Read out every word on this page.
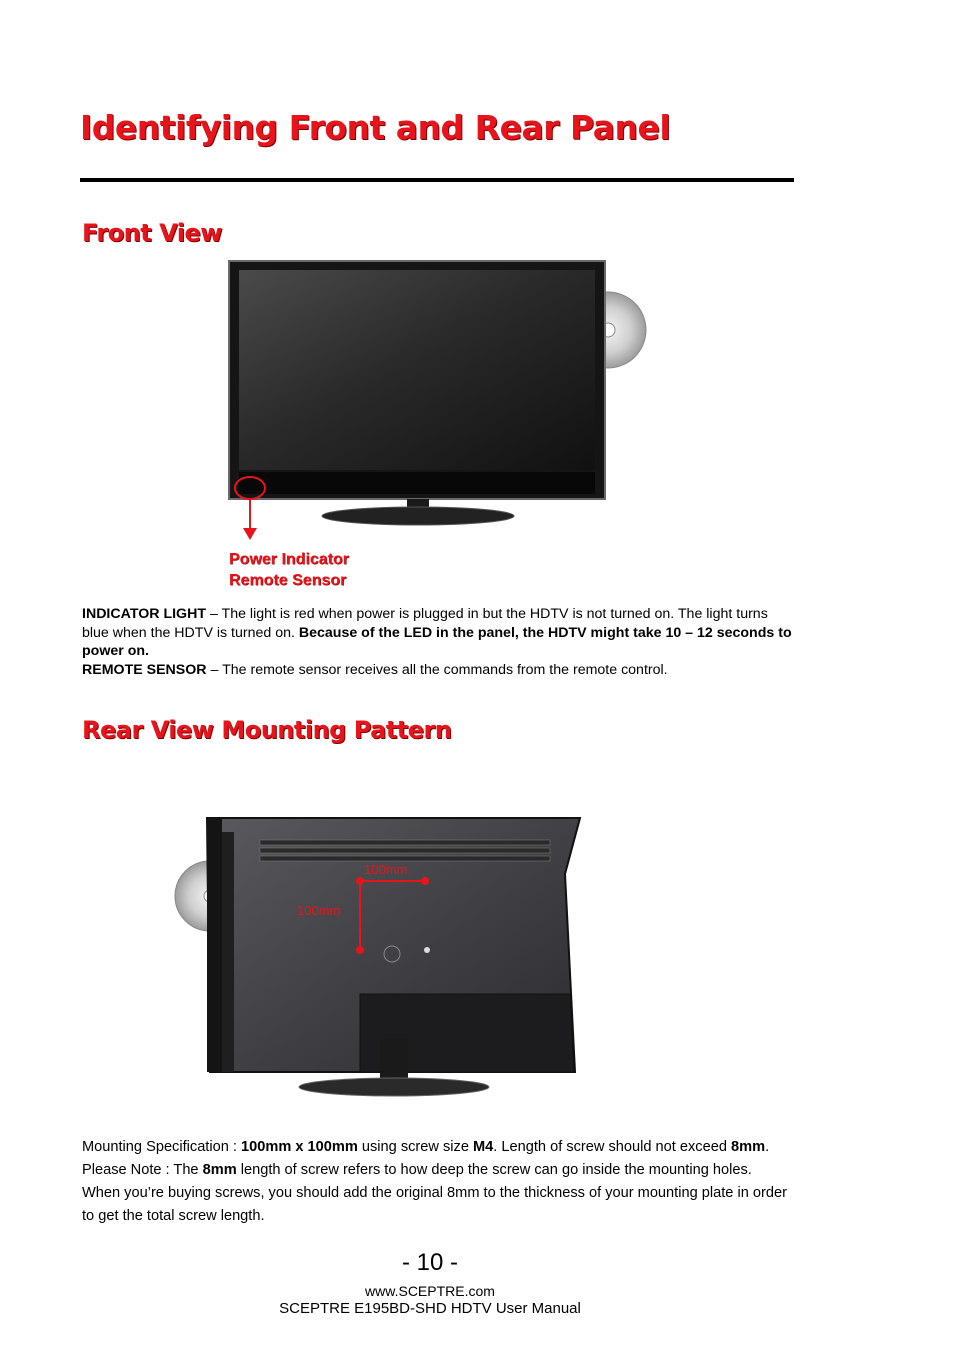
Identifying Front and Rear Panel
Front View
Power Indicator
Remote Sensor
INDICATOR LIGHT – The light is red when power is plugged in but the HDTV is not turned on. The light turns blue when the HDTV is turned on. Because of the LED in the panel, the HDTV might take 10 – 12 seconds to power on.
REMOTE SENSOR – The remote sensor receives all the commands from the remote control.
Rear View Mounting Pattern
100mm
100mm
Mounting Specification : 100mm x 100mm using screw size M4. Length of screw should not exceed 8mm. Please Note : The 8mm length of screw refers to how deep the screw can go inside the mounting holes. When you’re buying screws, you should add the original 8mm to the thickness of your mounting plate in order to get the total screw length.
- 10 -
www.SCEPTRE.com
SCEPTRE E195BD-SHD HDTV User Manual
